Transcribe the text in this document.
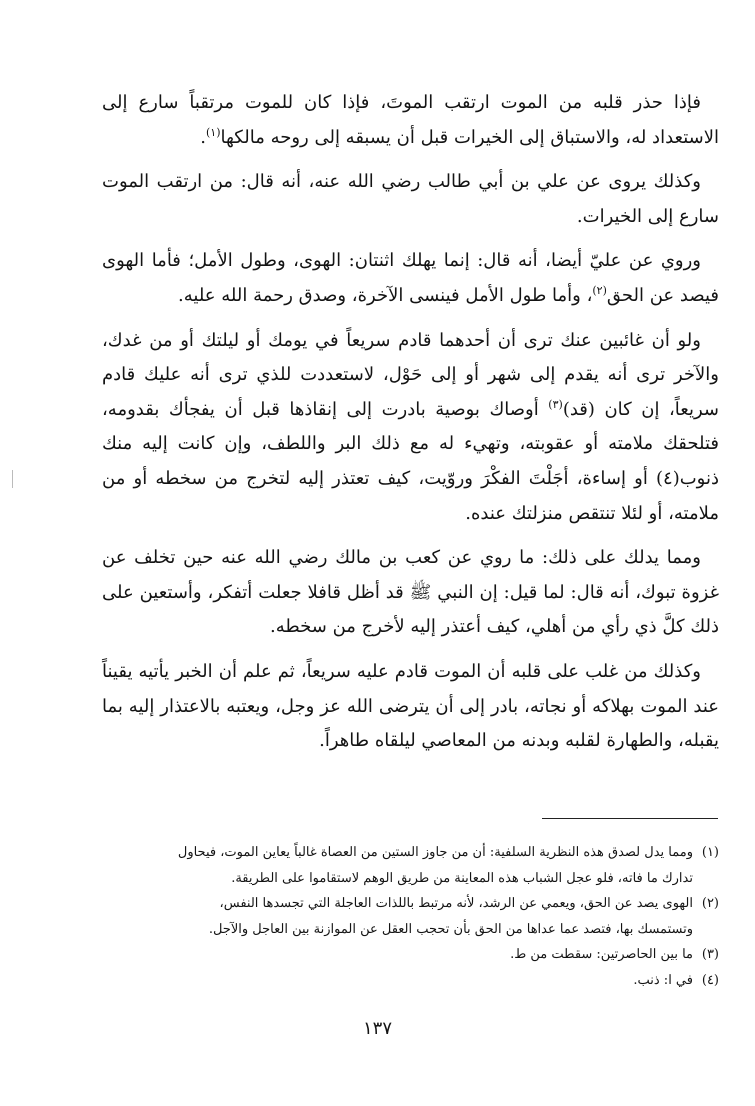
فإذا حذر قلبه من الموت ارتقب الموتَ، فإذا كان للموت مرتقباً سارع إلى الاستعداد له، والاستباق إلى الخيرات قبل أن يسبقه إلى روحه مالكها$^{(١)}$.

وكذلك يروى عن علي بن أبي طالب رضي الله عنه، أنه قال: من ارتقب الموت سارع إلى الخيرات.

وروي عن عليّ أيضا، أنه قال: إنما يهلك اثنتان: الهوى، وطول الأمل؛ فأما الهوى فيصد عن الحق$^{(٢)}$، وأما طول الأمل فينسى الآخرة، وصدق رحمة الله عليه.

ولو أن غائبين عنك ترى أن أحدهما قادم سريعاً في يومك أو ليلتك أو من غدك، والآخر ترى أنه يقدم إلى شهر أو إلى حَوْل، لاستعددت للذي ترى أنه عليك قادم سريعاً، إن كان (قد)$^{(٣)}$ أوصاك بوصية بادرت إلى إنقاذها قبل أن يفجأك بقدومه، فتلحقك ملامته أو عقوبته، وتهيء له مع ذلك البر واللطف، وإن كانت إليه منك ذنوب(٤) أو إساءة، أجَلْتَ الفكْرَ وروّيت، كيف تعتذر إليه لتخرج من سخطه أو من ملامته، أو لئلا تنتقص منزلتك عنده.

ومما يدلك على ذلك: ما روي عن كعب بن مالك رضي الله عنه حين تخلف عن غزوة تبوك، أنه قال: لما قيل: إن النبي ﷺ قد أظل قافلا جعلت أتفكر، وأستعين على ذلك كلَّ ذي رأي من أهلي، كيف أعتذر إليه لأخرج من سخطه.

وكذلك من غلب على قلبه أن الموت قادم عليه سريعاً، ثم علم أن الخبر يأتيه يقيناً عند الموت بهلاكه أو نجاته، بادر إلى أن يترضى الله عز وجل، ويعتبه بالاعتذار إليه بما يقبله، والطهارة لقلبه وبدنه من المعاصي ليلقاه طاهراً.

(١)ومما يدل لصدق هذه النظرية السلفية: أن من جاوز الستين من العصاة غالباً يعاين الموت، فيحاول

تدارك ما فاته، فلو عجل الشباب هذه المعاينة من طريق الوهم لاستقاموا على الطريقة.

(٢)الهوى يصد عن الحق، ويعمي عن الرشد، لأنه مرتبط باللذات العاجلة التي تجسدها النفس،

وتستمسك بها، فتصد عما عداها من الحق بأن تحجب العقل عن الموازنة بين العاجل والآجل.

(٣)ما بين الحاصرتين: سقطت من ط.

(٤)في ا: ذنب.

١٣٧
